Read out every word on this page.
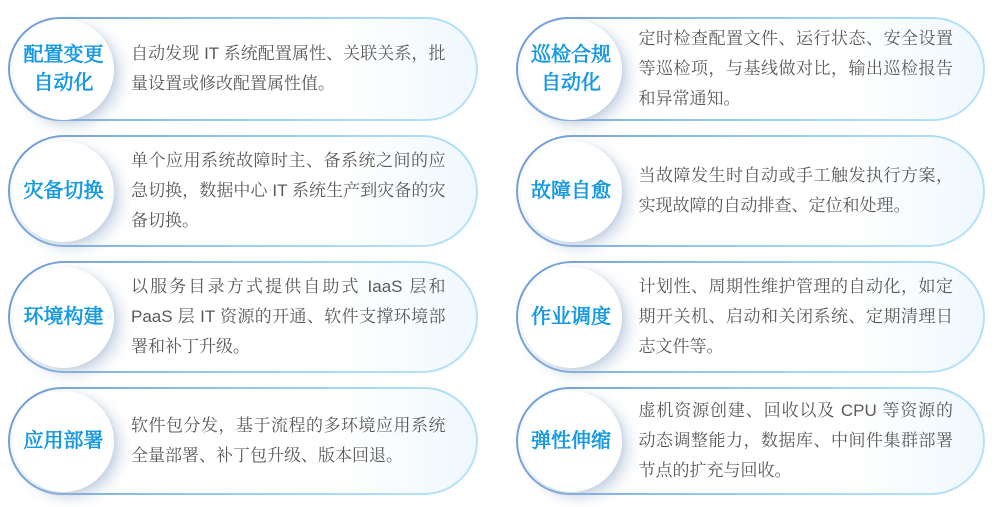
配置变更
自动化
自动发现 IT 系统配置属性、关联关系，批量设置或修改配置属性值。
巡检合规
自动化
定时检查配置文件、运行状态、安全设置等巡检项，与基线做对比，输出巡检报告和异常通知。
灾备切换
单个应用系统故障时主、备系统之间的应急切换，数据中心 IT 系统生产到灾备的灾备切换。
故障自愈
当故障发生时自动或手工触发执行方案，实现故障的自动排查、定位和处理。
环境构建
以服务目录方式提供自助式 IaaS 层和PaaS 层 IT 资源的开通、软件支撑环境部署和补丁升级。
作业调度
计划性、周期性维护管理的自动化，如定期开关机、启动和关闭系统、定期清理日志文件等。
应用部署
软件包分发，基于流程的多环境应用系统全量部署、补丁包升级、版本回退。
弹性伸缩
虚机资源创建、回收以及 CPU 等资源的动态调整能力，数据库、中间件集群部署节点的扩充与回收。
